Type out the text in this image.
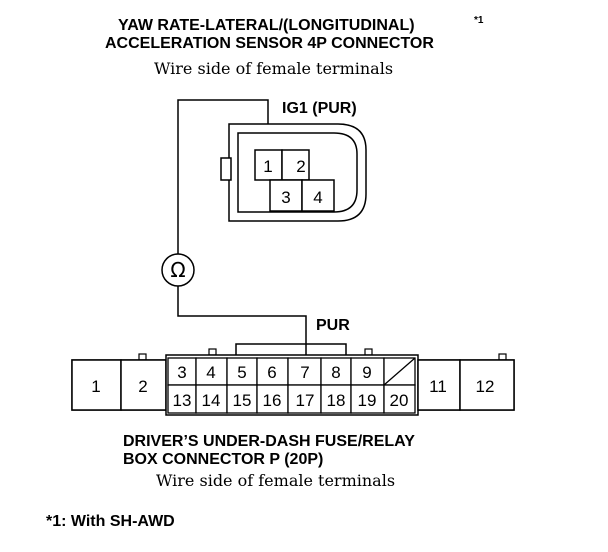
YAW RATE-LATERAL/(LONGITUDINAL)	*1
ACCELERATION SENSOR 4P CONNECTOR
Wire side of female terminals
IG1 (PUR)
1 2
3 4
Ω
PUR
1 2
3 4 5 6 7 8 9
13 14 15 16 17 18 19 20
11 12
DRIVER’S UNDER-DASH FUSE/RELAY
BOX CONNECTOR P (20P)
Wire side of female terminals
*1: With SH-AWD
